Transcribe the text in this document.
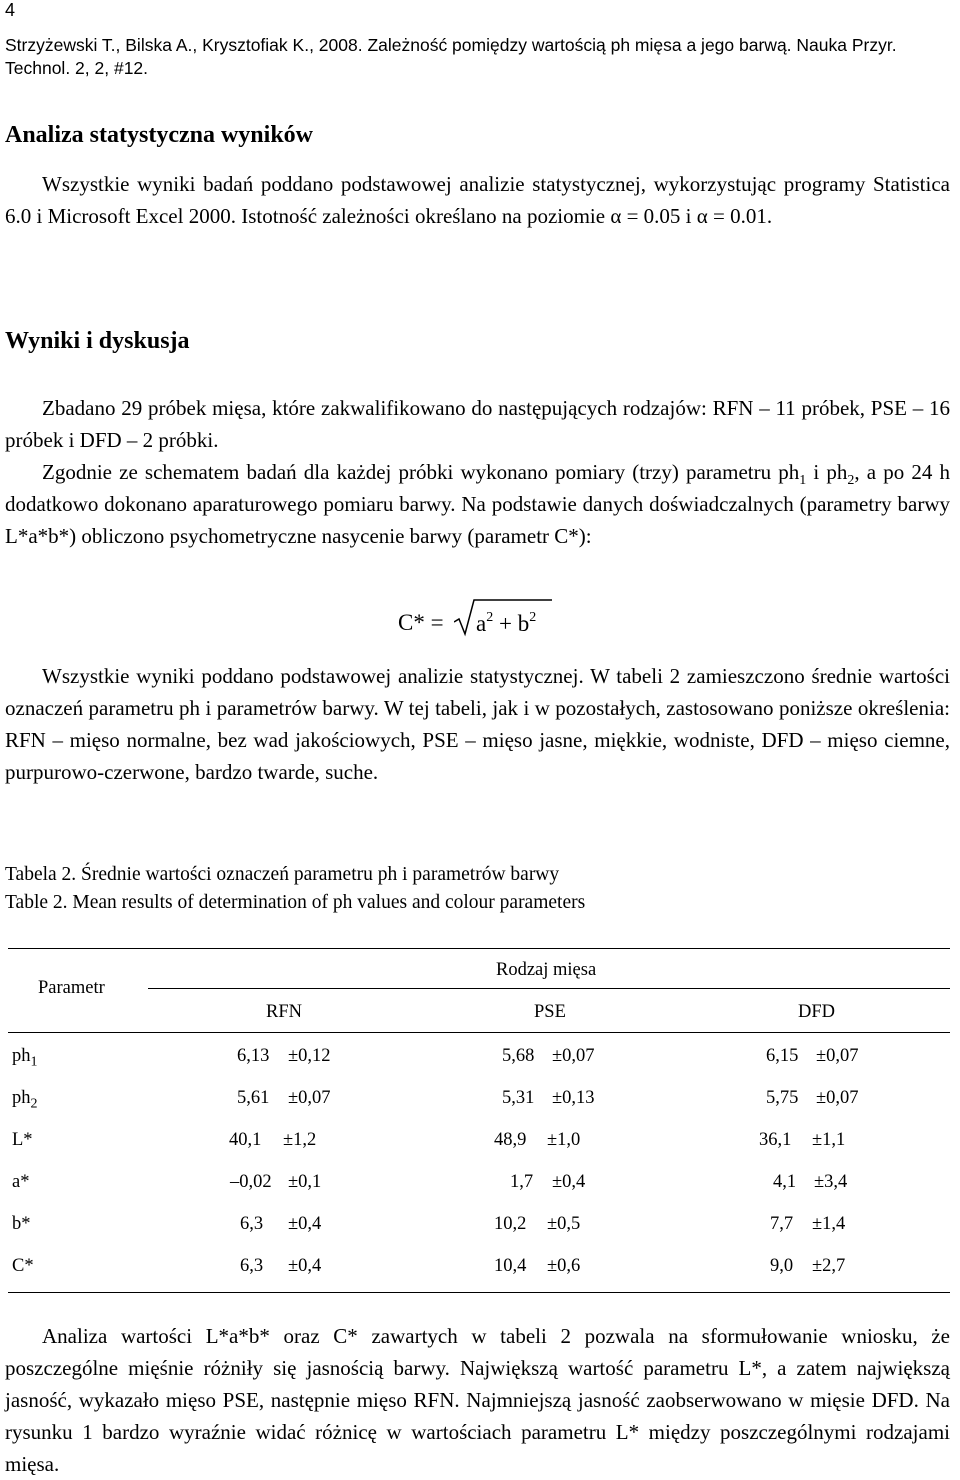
4
Strzyżewski T., Bilska A., Krysztofiak K., 2008. Zależność pomiędzy wartością ph mięsa a jego barwą. Nauka Przyr.
Technol. 2, 2, #12.
Analiza statystyczna wyników
Wszystkie wyniki badań poddano podstawowej analizie statystycznej, wykorzystując programy Statistica 6.0 i Microsoft Excel 2000. Istotność zależności określano na poziomie α = 0.05 i α = 0.01.
Wyniki i dyskusja
Zbadano 29 próbek mięsa, które zakwalifikowano do następujących rodzajów: RFN – 11 próbek, PSE – 16 próbek i DFD – 2 próbki.
Zgodnie ze schematem badań dla każdej próbki wykonano pomiary (trzy) parametru $ph_1$ i $ph_2$, a po 24 h dodatkowo dokonano aparaturowego pomiaru barwy. Na podstawie danych doświadczalnych (parametry barwy L*a*b*) obliczono psychometryczne nasycenie barwy (parametr C*):
$C* = a^2 + b^2$
Wszystkie wyniki poddano podstawowej analizie statystycznej. W tabeli 2 zamieszczono średnie wartości oznaczeń parametru ph i parametrów barwy. W tej tabeli, jak i w pozostałych, zastosowano poniższe określenia: RFN – mięso normalne, bez wad jakościowych, PSE – mięso jasne, miękkie, wodniste, DFD – mięso ciemne, purpurowo-czerwone, bardzo twarde, suche.
Tabela 2. Średnie wartości oznaczeń parametru ph i parametrów barwy
Table 2. Mean results of determination of ph values and colour parameters
Parametr
Rodzaj mięsa
RFN	PSE	DFD
$ph_1$	6,13 ±0,12	5,68 ±0,07	6,15 ±0,07
$ph_2$	5,61 ±0,07	5,31 ±0,13	5,75 ±0,07
L*	40,1 ±1,2	48,9 ±1,0	36,1 ±1,1
a*	–0,02 ±0,1	1,7 ±0,4	4,1 ±3,4
b*	6,3 ±0,4	10,2 ±0,5	7,7 ±1,4
C*	6,3 ±0,4	10,4 ±0,6	9,0 ±2,7
Analiza wartości L*a*b* oraz C* zawartych w tabeli 2 pozwala na sformułowanie wniosku, że poszczególne mięśnie różniły się jasnością barwy. Największą wartość parametru L*, a zatem największą jasność, wykazało mięso PSE, następnie mięso RFN. Najmniejszą jasność zaobserwowano w mięsie DFD. Na rysunku 1 bardzo wyraźnie widać różnicę w wartościach parametru L* między poszczególnymi rodzajami mięsa.
